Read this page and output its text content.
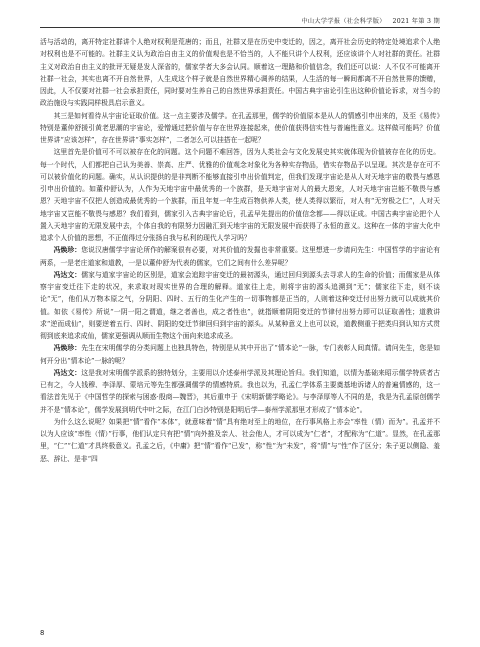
中山大学学报（社会科学版） 2021 年第 3 期

活与活动的，离开特定社群讲个人绝对权利是荒唐的；而且，社群又是在历史中变迁的，因之，离开社会历史的特定处境追求个人绝对权利也是不可能的。社群主义认为政治自由主义的价值观也是不恰当的，人不能只讲个人权利，还应该讲个人对社群的责任。社群主义对政治自由主义的批评无疑是发人深省的，儒家学者大多会认同。顺着这一理路和价值信念，我们还可以说：人不仅不可能离开社群一社会，其实也离不开自然世界，人生成这个样子就是自然世界精心调养的结果，人生活的每一瞬间都离不开自然世界的馈赠，因此，人不仅要对社群一社会承担责任，同时要对生养自己的自然世界承担责任。中国古典宇宙论引生出这种价值论诉求，对当今的政治施设与实践同样极具启示意义。

其三是如何看待从宇宙论证取价值。这一点主要涉及儒学。在孔孟那里，儒学的价值原本是从人的情感引申出来的，及至《易传》特别是董仲舒援引黄老思潮的宇宙论，爱憎通过把价值与存在世界连接起来，使价值获得信实性与普遍性意义。这样做可能吗？价值世界讲“应该怎样”，存在世界讲“事实怎样”，二者怎么可以挂搭在一起呢？

这里首先是价值可不可以被存在化的问题。这个问题不难回答，因为人类社会与文化发展史其实就体现为价值被存在化的历史。每一个时代，人们都把自己认为美善、崇高、庄严、优雅的价值观念对象化为各种实存物品，借实存物品予以呈现。其次是存在可不可以被价值化的问题。确实，从认识提供的是非判断不能够直接引申出价值判定，但我们发现宇宙论是从人对天地宇宙的敬畏与感恩引申出价值的。如董仲舒认为，人作为天地宇宙中最优秀的一个族群，是天地宇宙对人的最大恩宠，人对天地宇宙岂能不敬畏与感恩？天地宇宙不仅把人创造成最优秀的一个族群，而且年复一年生成百物供养人类，使人类得以繁衍，对人有“无穷极之仁”，人对天地宇宙又岂能不敬畏与感恩？我们看到，儒家引入古典宇宙论后，孔孟早先提出的价值信念都——得以证成。中国古典宇宙论把个人置入天地宇宙的无限发展中去，个体自我的有限努力因融汇到天地宇宙的无限发展中而获得了永恒的意义。这种在一体的宇宙大化中追求个人价值的思想，不正值得过分张扬自我与私利的现代人学习吗？

冯焕珍：您说汉唐儒学宇宙论所作的解案很有必要，对其价值的发掘也非常重要。这里想进一步请问先生：中国哲学的宇宙论有两系，一是老庄道家和道教，一是以董仲舒为代表的儒家，它们之间有什么差异呢？

冯达文：儒家与道家宇宙论的区别是，道家会追踪宇宙变迁的最初源头，通过回归到源头去寻求人的生命的价值；而儒家是从体察宇宙变迁往下走的状况，来求取对现实世界的合理的解释。道家往上走，则将宇宙的源头追溯到“无”；儒家往下走，则不谈论“无”，他们从万物本原之气，分阴阳、四时、五行的生化产生的一切事物都是正当的，人则着这种变迁付出努力就可以成就其价值。如依《易传》所说“一阴一阳之谓道，继之者善也，成之者性也”，就指顺着阴阳变迁的节律付出努力即可以证取善性；道教讲求“逆而成仙”，则要逆着五行、四时、阴阳的变迁节律回归到宇宙的源头。从某种意义上也可以说，道教侧重于把类归到认知方式贯彻到底来追求成仙，儒家更强调从顺而生物这个面向来追求成圣。

冯焕珍：先生在宋明儒学的分类问题上也独具特色，特别是从其中开出了“情本论”一脉，专门表彰人间真情。请问先生，您是如何开分出“情本论”一脉的呢？

冯达文：这是我对宋明儒学派系的独特划分，主要用以介述泰州学派及其理论旨归。我们知道，以情为基础来昭示儒学特质者古已有之，今人钱穆、李泽厚、蒙培元等先生都强调儒学的情感特质。我也以为，孔孟仁学体系主要奠基地诉诸人的普遍情感的，这一看法首先见于《中国哲学的探索与困惑·殷商—魏晋》，其后重申于《宋明新儒学略论》。与李泽厚等人不同的是，我是为孔孟原创儒学并不是“情本论”，儒学发展到明代中叶之际，在江门白沙特别是阳明后学—泰州学派那里才形成了“情本论”。

为什么这么说呢？如果把“情”看作“本体”，就意味着“情”具有绝对至上的地位，在行事风格上亦会“率性（情）而为”。孔孟并不以为人应该“率性（情）”行事，他们认定只有把“情”向外推及亲人、社会他人，才可以成为“仁者”，才配称为“仁道”。显然，在孔孟那里，“仁”“仁道”才具终极意义。孔孟之后，《中庸》把“情”看作“已发”，称“性”为“未发”，将“情”与“性”作了区分；朱子更以侧隐、羞恶、辞让、是非“四

8
